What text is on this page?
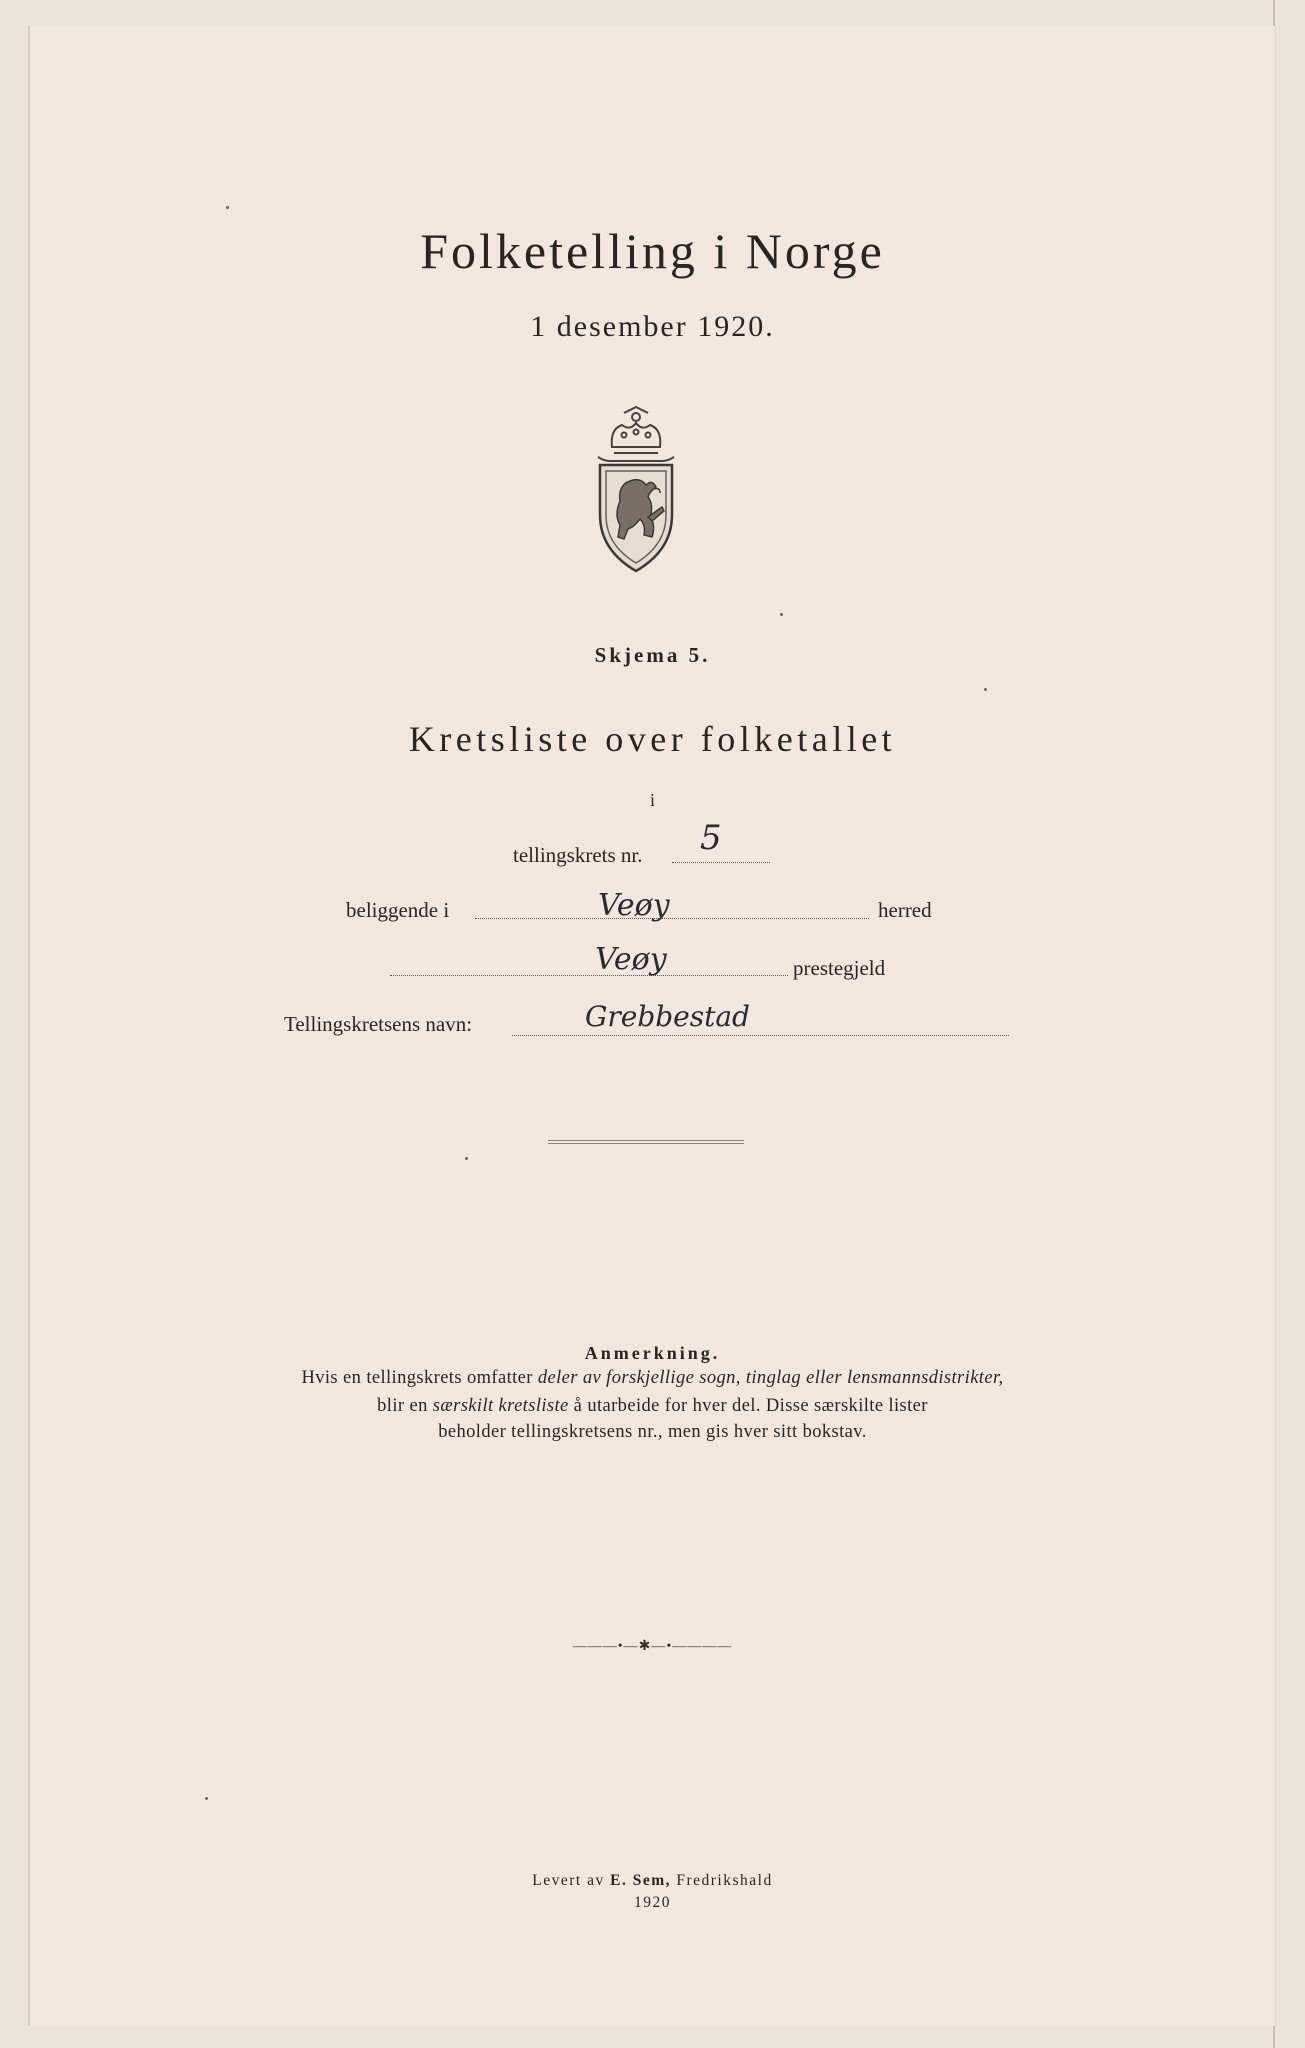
Folketelling i Norge
1 desember 1920.
Skjema 5.
Kretsliste over folketallet
i
tellingskrets nr. 5
beliggende i	Veøy	herred
Veøy	prestegjeld
Tellingskretsens navn:	Grebbestad
Anmerkning.
Hvis en tellingskrets omfatter deler av forskjellige sogn, tinglag eller lensmannsdistrikter,
blir en særskilt kretsliste å utarbeide for hver del. Disse særskilte lister
beholder tellingskretsens nr., men gis hver sitt bokstav.
———•—✱—•————
Levert av E. Sem, Fredrikshald
1920
